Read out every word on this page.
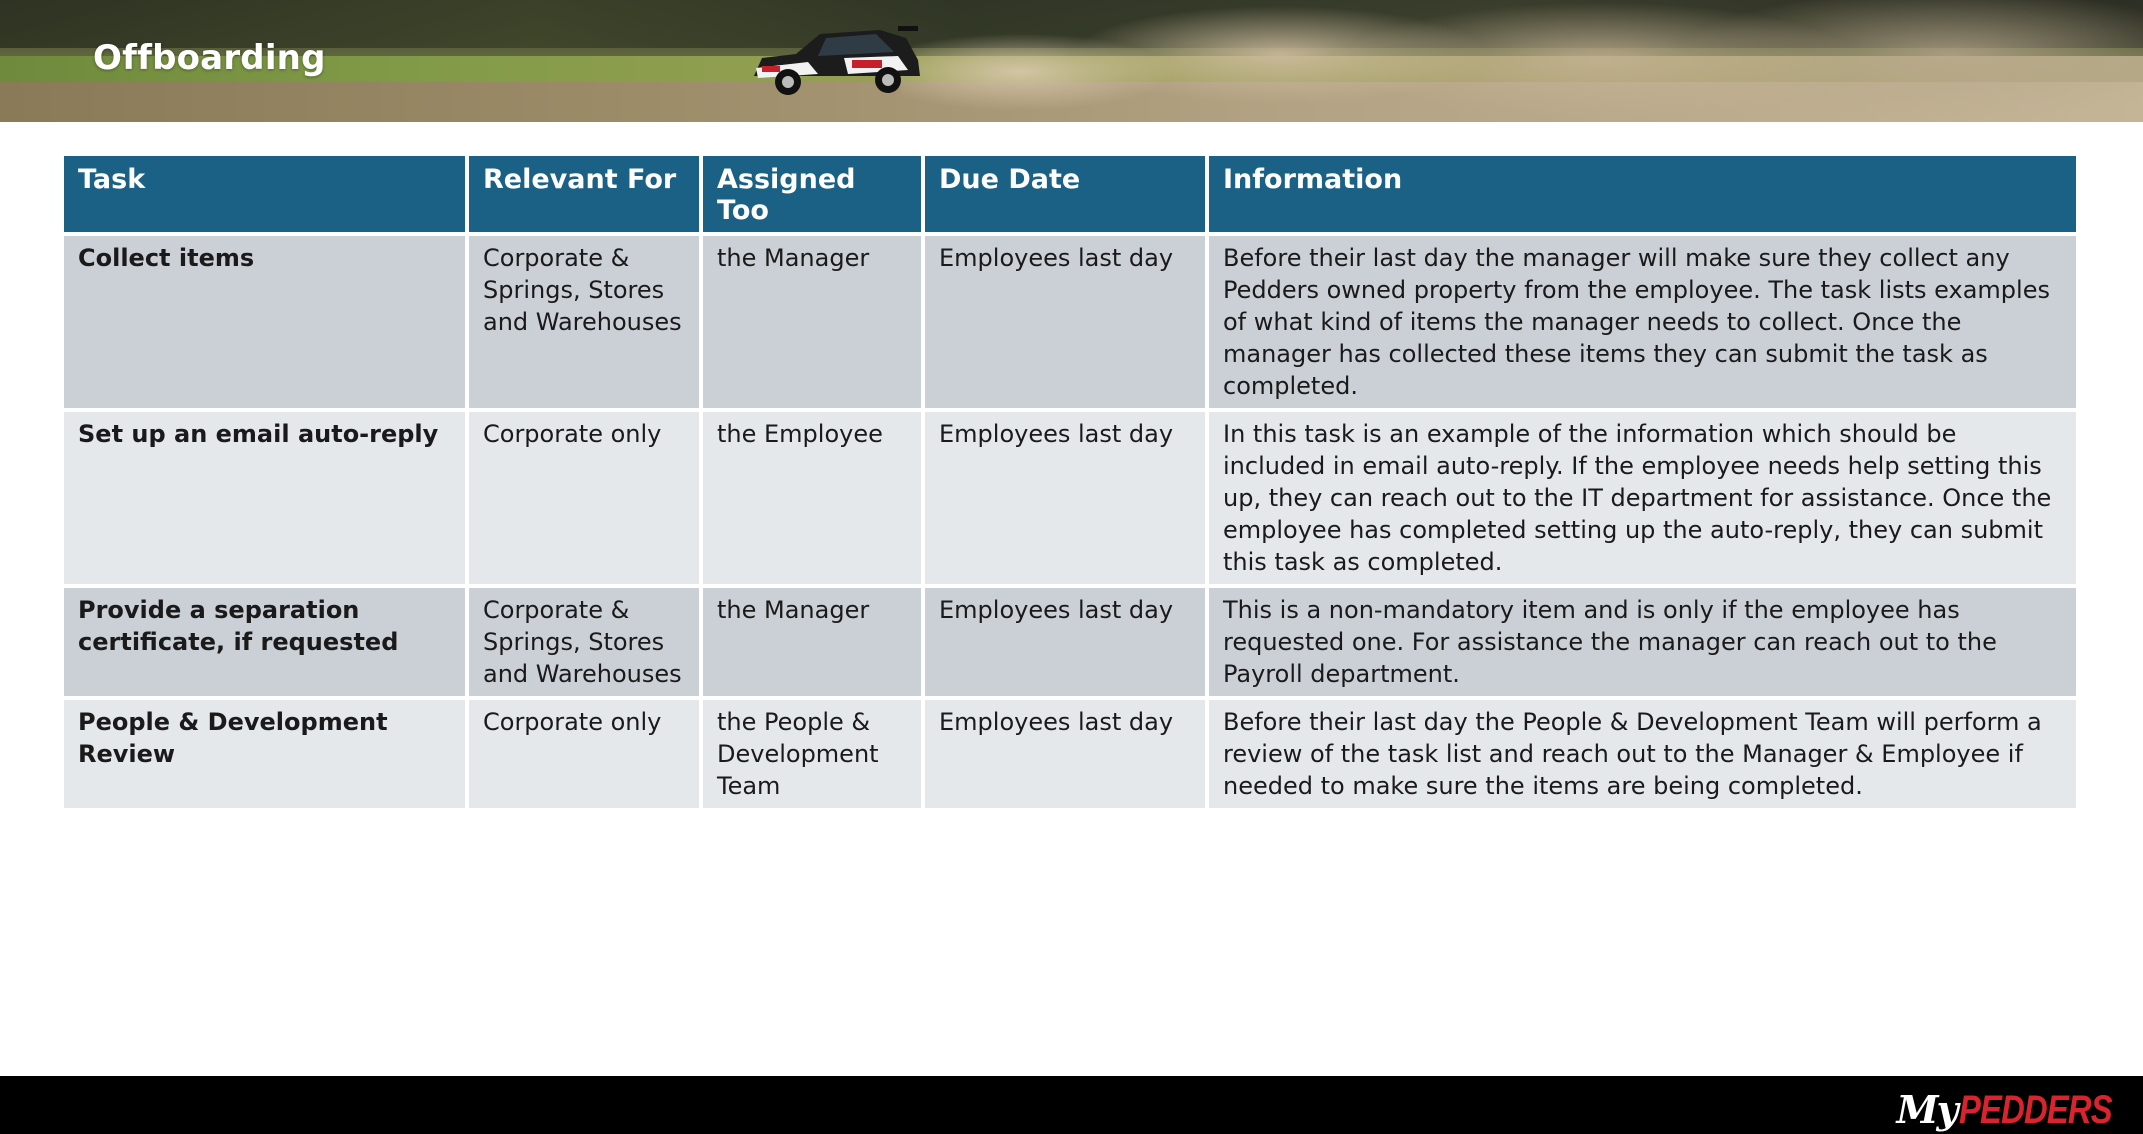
Offboarding
Task	Relevant For	Assigned Too	Due Date	Information
Collect items	Corporate & Springs, Stores and Warehouses	the Manager	Employees last day	Before their last day the manager will make sure they collect any Pedders owned property from the employee. The task lists examples of what kind of items the manager needs to collect. Once the manager has collected these items they can submit the task as completed.
Set up an email auto-reply	Corporate only	the Employee	Employees last day	In this task is an example of the information which should be included in email auto-reply. If the employee needs help setting this up, they can reach out to the IT department for assistance. Once the employee has completed setting up the auto-reply, they can submit this task as completed.
Provide a separation certificate, if requested	Corporate & Springs, Stores and Warehouses	the Manager	Employees last day	This is a non-mandatory item and is only if the employee has requested one. For assistance the manager can reach out to the Payroll department.
People & Development Review	Corporate only	the People & Development Team	Employees last day	Before their last day the People & Development Team will perform a review of the task list and reach out to the Manager & Employee if needed to make sure the items are being completed.
My PEDDERS
